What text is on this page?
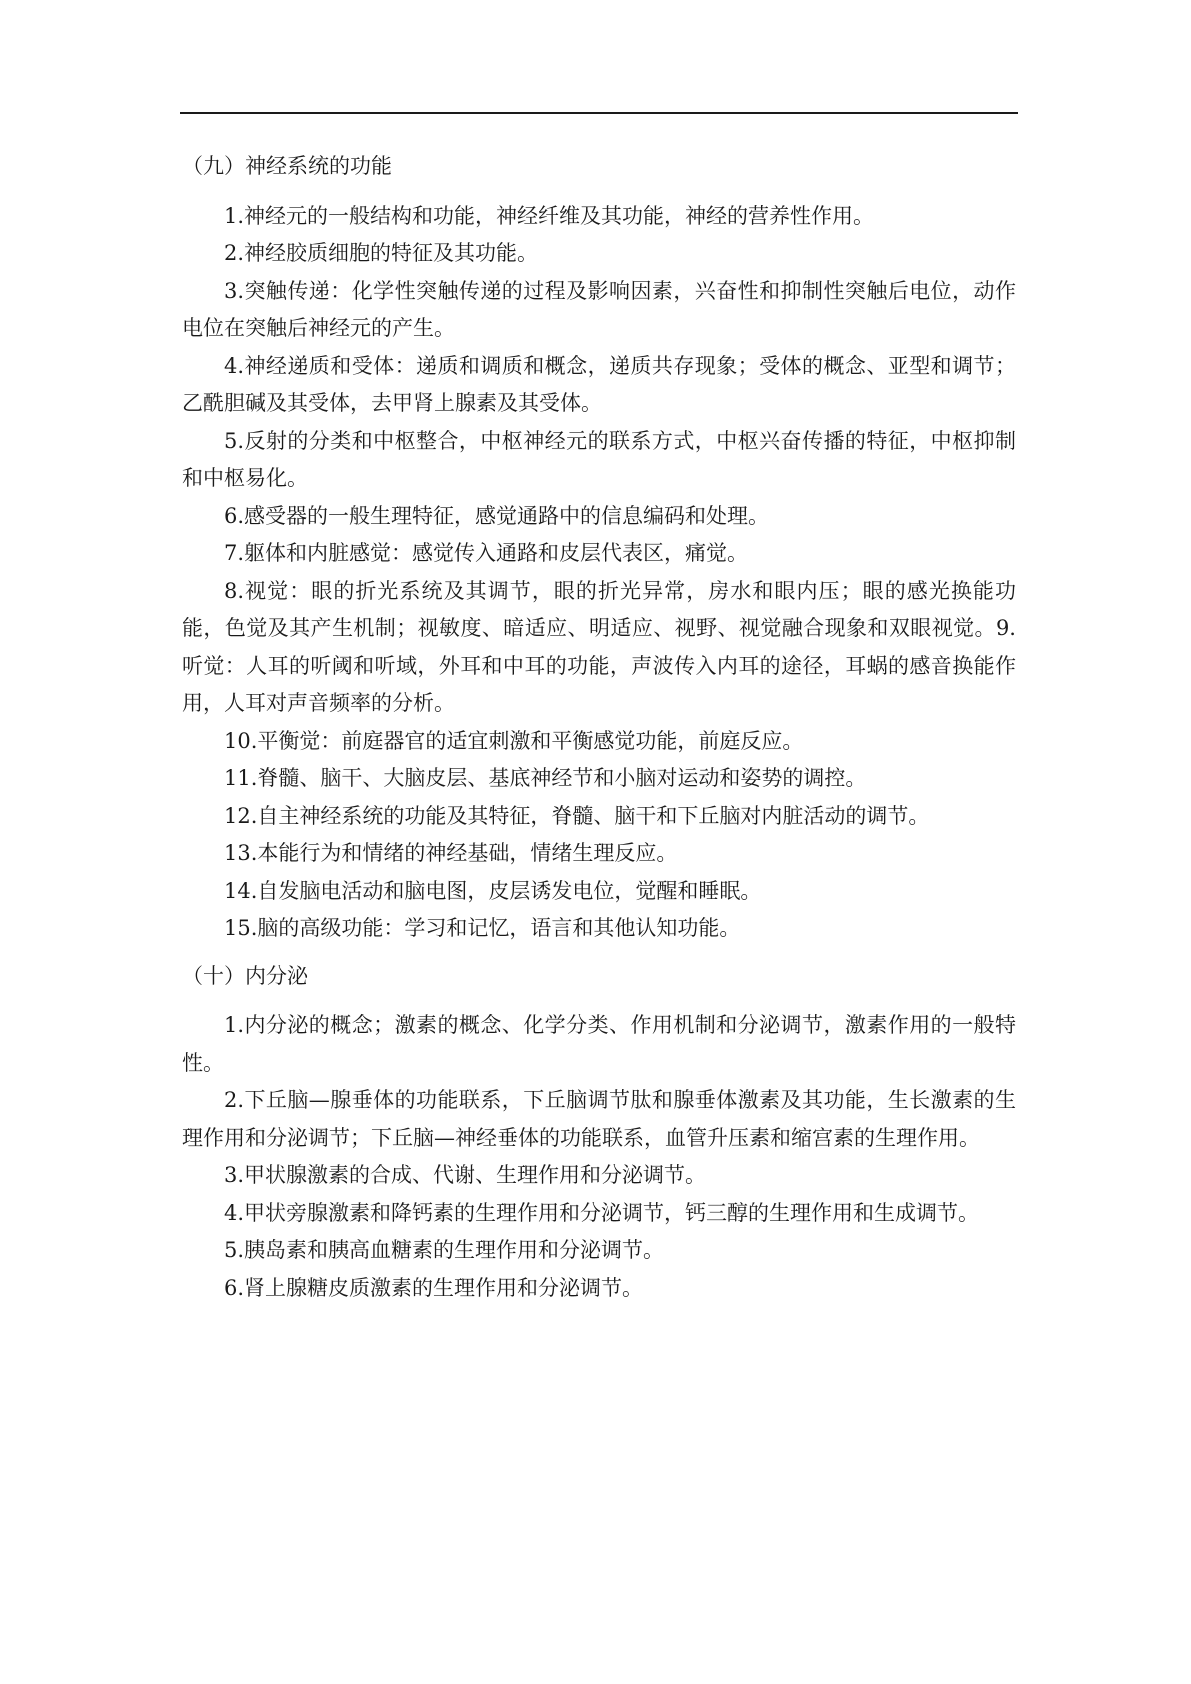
（九）神经系统的功能

1.神经元的一般结构和功能，神经纤维及其功能，神经的营养性作用。

2.神经胶质细胞的特征及其功能。

3.突触传递：化学性突触传递的过程及影响因素，兴奋性和抑制性突触后电位，动作电位在突触后神经元的产生。

4.神经递质和受体：递质和调质和概念，递质共存现象；受体的概念、亚型和调节；乙酰胆碱及其受体，去甲肾上腺素及其受体。

5.反射的分类和中枢整合，中枢神经元的联系方式，中枢兴奋传播的特征，中枢抑制和中枢易化。

6.感受器的一般生理特征，感觉通路中的信息编码和处理。

7.躯体和内脏感觉：感觉传入通路和皮层代表区，痛觉。

8.视觉：眼的折光系统及其调节，眼的折光异常，房水和眼内压；眼的感光换能功能，色觉及其产生机制；视敏度、暗适应、明适应、视野、视觉融合现象和双眼视觉。9.听觉：人耳的听阈和听域，外耳和中耳的功能，声波传入内耳的途径，耳蜗的感音换能作用，人耳对声音频率的分析。

10.平衡觉：前庭器官的适宜刺激和平衡感觉功能，前庭反应。

11.脊髓、脑干、大脑皮层、基底神经节和小脑对运动和姿势的调控。

12.自主神经系统的功能及其特征，脊髓、脑干和下丘脑对内脏活动的调节。

13.本能行为和情绪的神经基础，情绪生理反应。

14.自发脑电活动和脑电图，皮层诱发电位，觉醒和睡眠。

15.脑的高级功能：学习和记忆，语言和其他认知功能。

（十）内分泌

1.内分泌的概念；激素的概念、化学分类、作用机制和分泌调节，激素作用的一般特性。

2.下丘脑—腺垂体的功能联系，下丘脑调节肽和腺垂体激素及其功能，生长激素的生理作用和分泌调节；下丘脑—神经垂体的功能联系，血管升压素和缩宫素的生理作用。

3.甲状腺激素的合成、代谢、生理作用和分泌调节。

4.甲状旁腺激素和降钙素的生理作用和分泌调节，钙三醇的生理作用和生成调节。

5.胰岛素和胰高血糖素的生理作用和分泌调节。

6.肾上腺糖皮质激素的生理作用和分泌调节。
